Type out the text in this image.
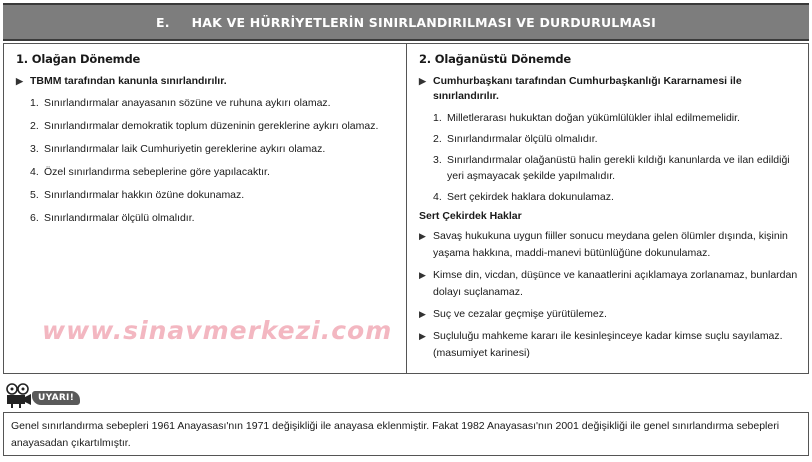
E. HAK VE HÜRRİYETLERİN SINIRLANDIRILMASI VE DURDURULMASI
1. Olağan Dönemde
▶ TBMM tarafından kanunla sınırlandırılır.
1. Sınırlandırmalar anayasanın sözüne ve ruhuna aykırı olamaz.
2. Sınırlandırmalar demokratik toplum düzeninin gereklerine aykırı olamaz.
3. Sınırlandırmalar laik Cumhuriyetin gereklerine aykırı olamaz.
4. Özel sınırlandırma sebeplerine göre yapılacaktır.
5. Sınırlandırmalar hakkın özüne dokunamaz.
6. Sınırlandırmalar ölçülü olmalıdır.
2. Olağanüstü Dönemde
▶ Cumhurbaşkanı tarafından Cumhurbaşkanlığı Kararnamesi ile sınırlandırılır.
1. Milletlerarası hukuktan doğan yükümlülükler ihlal edilmemelidir.
2. Sınırlandırmalar ölçülü olmalıdır.
3. Sınırlandırmalar olağanüstü halin gerekli kıldığı kanunlarda ve ilan edildiği yeri aşmayacak şekilde yapılmalıdır.
4. Sert çekirdek haklara dokunulamaz.
Sert Çekirdek Haklar
▶ Savaş hukukuna uygun fiiller sonucu meydana gelen ölümler dışında, kişinin yaşama hakkına, maddi-manevi bütünlüğüne dokunulamaz.
▶ Kimse din, vicdan, düşünce ve kanaatlerini açıklamaya zorlanamaz, bunlardan dolayı suçlanamaz.
▶ Suç ve cezalar geçmişe yürütülemez.
▶ Suçluluğu mahkeme kararı ile kesinleşinceye kadar kimse suçlu sayılamaz. (masumiyet karinesi)
www.sinavmerkezi.com
UYARI!
Genel sınırlandırma sebepleri 1961 Anayasası'nın 1971 değişikliği ile anayasa eklenmiştir. Fakat 1982 Anayasası'nın 2001 değişikliği ile genel sınırlandırma sebepleri anayasadan çıkartılmıştır.
